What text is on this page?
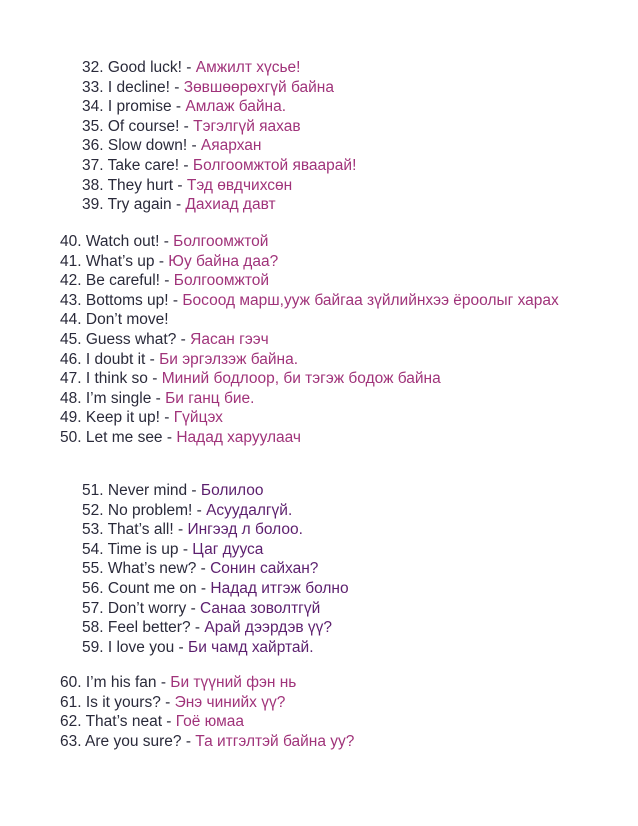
32. Good luck! - Амжилт хүсье!
33. I decline! - Зөвшөөрөхгүй байна
34. I promise - Амлаж байна.
35. Of course! - Тэгэлгүй яахав
36. Slow down! - Аяархан
37. Take care! - Болгоомжтой яваарай!
38. They hurt - Тэд өвдчихсөн
39. Try again - Дахиад давт
40. Watch out! - Болгоомжтой
41. What’s up - Юу байна даа?
42. Be careful! - Болгоомжтой
43. Bottoms up! - Босоод марш,ууж байгаа зүйлийнхээ ёроолыг харах
44. Don’t move!
45. Guess what? - Яасан гээч
46. I doubt it - Би эргэлзэж байна.
47. I think so - Миний бодлоор, би тэгэж бодож байна
48. I’m single - Би ганц бие.
49. Keep it up! - Гүйцэх
50. Let me see - Надад харуулаач
51. Never mind - Болилоо
52. No problem! - Асуудалгүй.
53. That’s all! - Ингээд л болоо.
54. Time is up - Цаг дууса
55. What’s new? - Сонин сайхан?
56. Count me on - Надад итгэж болно
57. Don’t worry - Санаа зоволтгүй
58. Feel better? - Арай дээрдэв үү?
59. I love you - Би чамд хайртай.
60. I’m his fan - Би түүний фэн нь
61. Is it yours? - Энэ чинийх үү?
62. That’s neat - Гоё юмаа
63. Are you sure? - Та итгэлтэй байна уу?
